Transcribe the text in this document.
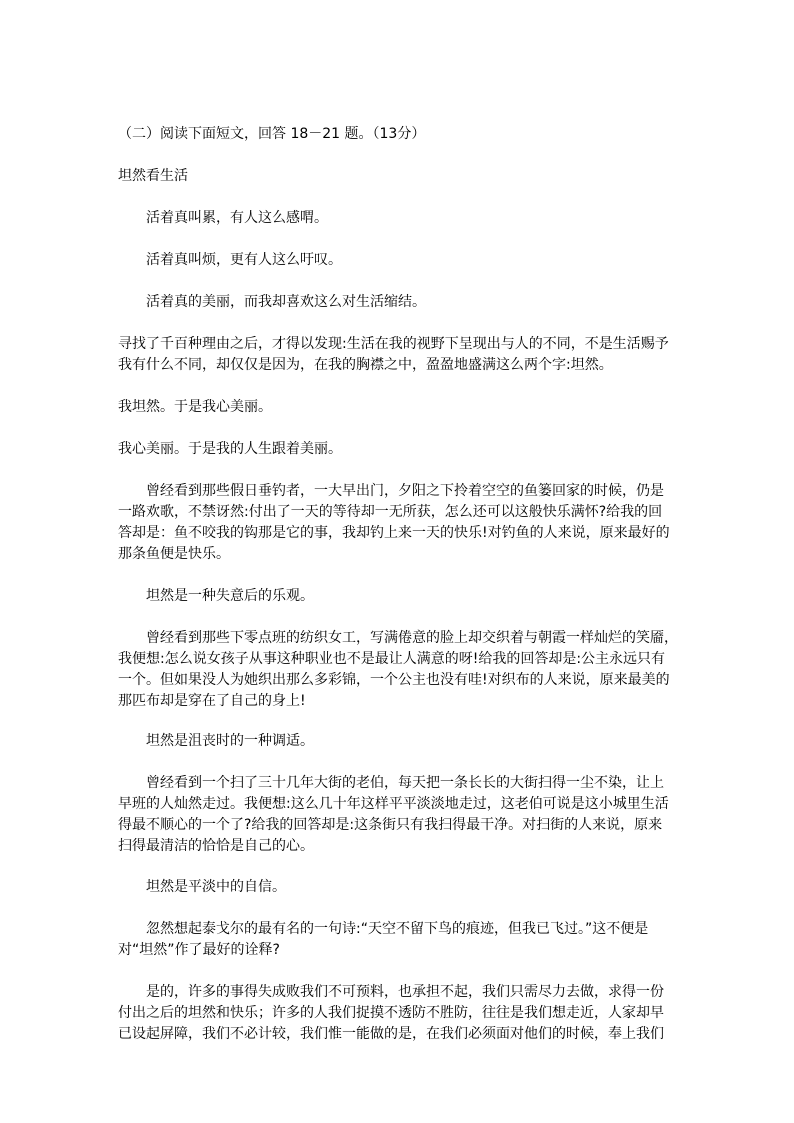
（二）阅读下面短文，回答 18－21 题。（13分）

坦然看生活

活着真叫累，有人这么感喟。

活着真叫烦，更有人这么吁叹。

活着真的美丽，而我却喜欢这么对生活缩结。

寻找了千百种理由之后，才得以发现:生活在我的视野下呈现出与人的不同，不是生活赐予
我有什么不同，却仅仅是因为，在我的胸襟之中，盈盈地盛满这么两个字:坦然。

我坦然。于是我心美丽。

我心美丽。于是我的人生跟着美丽。

曾经看到那些假日垂钓者，一大早出门，夕阳之下拎着空空的鱼篓回家的时候，仍是
一路欢歌，不禁讶然:付出了一天的等待却一无所获，怎么还可以这般快乐满怀?给我的回
答却是：鱼不咬我的钩那是它的事，我却钓上来一天的快乐!对钓鱼的人来说，原来最好的
那条鱼便是快乐。

坦然是一种失意后的乐观。

曾经看到那些下零点班的纺织女工，写满倦意的脸上却交织着与朝霞一样灿烂的笑靥，
我便想:怎么说女孩子从事这种职业也不是最让人满意的呀!给我的回答却是:公主永远只有
一个。但如果没人为她织出那么多彩锦，一个公主也没有哇!对织布的人来说，原来最美的
那匹布却是穿在了自己的身上!

坦然是沮丧时的一种调适。

曾经看到一个扫了三十几年大街的老伯，每天把一条长长的大街扫得一尘不染，让上
早班的人灿然走过。我便想:这么几十年这样平平淡淡地走过，这老伯可说是这小城里生活
得最不顺心的一个了?给我的回答却是:这条街只有我扫得最干净。对扫街的人来说，原来
扫得最清洁的恰恰是自己的心。

坦然是平淡中的自信。

忽然想起泰戈尔的最有名的一句诗:“天空不留下鸟的痕迹，但我已飞过。”这不便是
对“坦然”作了最好的诠释?

是的，许多的事得失成败我们不可预料，也承担不起，我们只需尽力去做，求得一份
付出之后的坦然和快乐；许多的人我们捉摸不透防不胜防，往往是我们想走近，人家却早
已设起屏障，我们不必计较，我们惟一能做的是，在我们必须面对他们的时候，奉上我们
